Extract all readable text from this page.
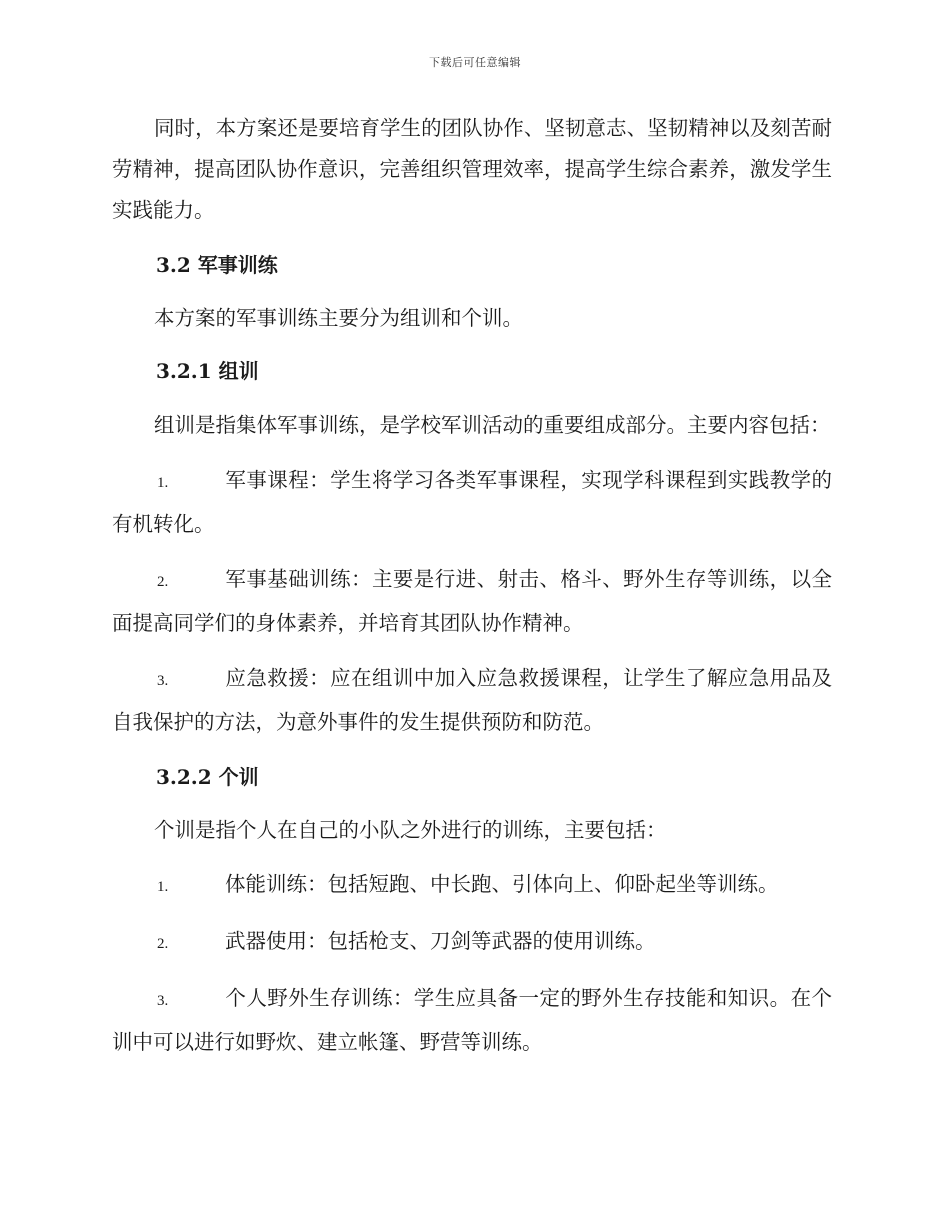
下载后可任意编辑

同时，本方案还是要培育学生的团队协作、坚韧意志、坚韧精神以及刻苦耐劳精神，提高团队协作意识，完善组织管理效率，提高学生综合素养，激发学生实践能力。

3.2 军事训练

本方案的军事训练主要分为组训和个训。

3.2.1 组训

组训是指集体军事训练，是学校军训活动的重要组成部分。主要内容包括：

1.	军事课程：学生将学习各类军事课程，实现学科课程到实践教学的有机转化。

2.	军事基础训练：主要是行进、射击、格斗、野外生存等训练，以全面提高同学们的身体素养，并培育其团队协作精神。

3.	应急救援：应在组训中加入应急救援课程，让学生了解应急用品及自我保护的方法，为意外事件的发生提供预防和防范。

3.2.2 个训

个训是指个人在自己的小队之外进行的训练，主要包括：

1.	体能训练：包括短跑、中长跑、引体向上、仰卧起坐等训练。

2.	武器使用：包括枪支、刀剑等武器的使用训练。

3.	个人野外生存训练：学生应具备一定的野外生存技能和知识。在个训中可以进行如野炊、建立帐篷、野营等训练。
